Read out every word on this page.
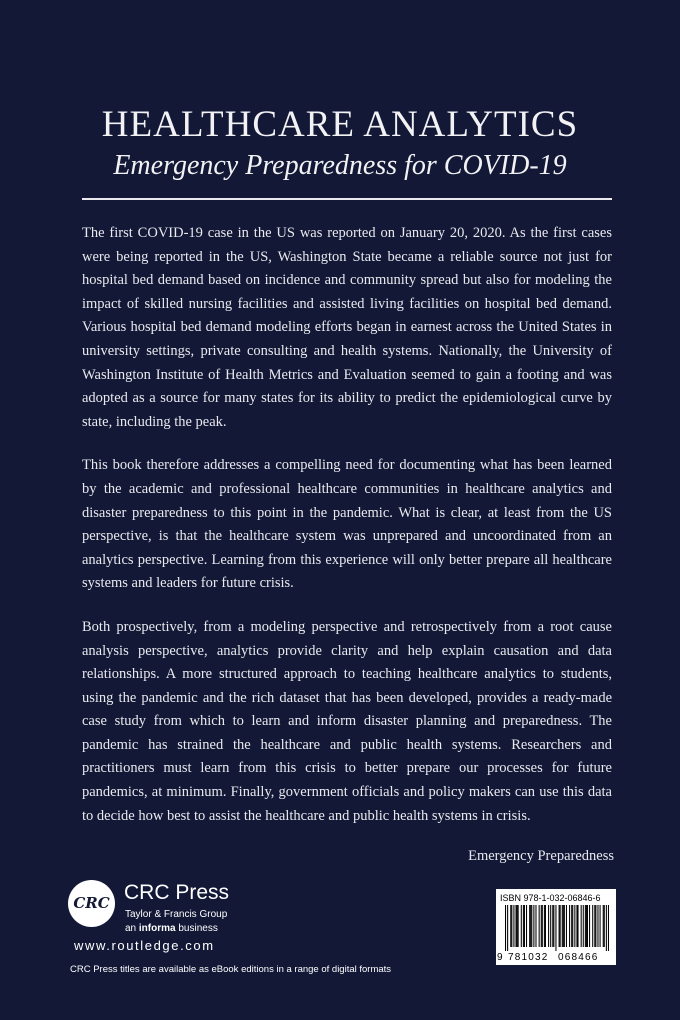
HEALTHCARE ANALYTICS
Emergency Preparedness for COVID-19

The first COVID-19 case in the US was reported on January 20, 2020. As the first cases were being reported in the US, Washington State became a reliable source not just for hospital bed demand based on incidence and community spread but also for modeling the impact of skilled nursing facilities and assisted living facilities on hospital bed demand. Various hospital bed demand modeling efforts began in earnest across the United States in university settings, private consulting and health systems. Nationally, the University of Washington Institute of Health Metrics and Evaluation seemed to gain a footing and was adopted as a source for many states for its ability to predict the epidemiological curve by state, including the peak.

This book therefore addresses a compelling need for documenting what has been learned by the academic and professional healthcare communities in healthcare analytics and disaster preparedness to this point in the pandemic. What is clear, at least from the US perspective, is that the healthcare system was unprepared and uncoordinated from an analytics perspective. Learning from this experience will only better prepare all healthcare systems and leaders for future crisis.

Both prospectively, from a modeling perspective and retrospectively from a root cause analysis perspective, analytics provide clarity and help explain causation and data relationships. A more structured approach to teaching healthcare analytics to students, using the pandemic and the rich dataset that has been developed, provides a ready-made case study from which to learn and inform disaster planning and preparedness. The pandemic has strained the healthcare and public health systems. Researchers and practitioners must learn from this crisis to better prepare our processes for future pandemics, at minimum. Finally, government officials and policy makers can use this data to decide how best to assist the healthcare and public health systems in crisis.

Emergency Preparedness
CRC CRC Press
Taylor & Francis Group
an informa business
www.routledge.com
CRC Press titles are available as eBook editions in a range of digital formats
ISBN 978-1-032-06846-6
9 781032 068466
